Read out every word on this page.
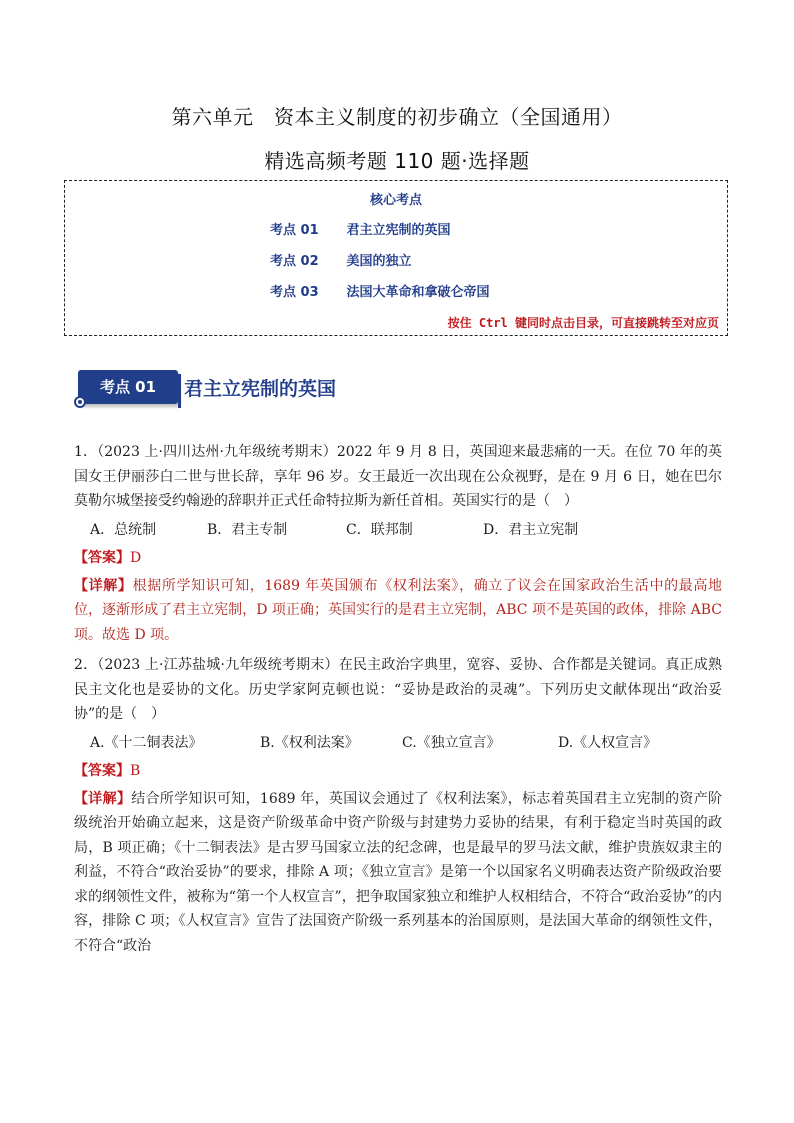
第六单元　资本主义制度的初步确立（全国通用）
精选高频考题 110 题·选择题
核心考点
考点 01 君主立宪制的英国
考点 02 美国的独立
考点 03 法国大革命和拿破仑帝国
按住 Ctrl 键同时点击目录，可直接跳转至对应页
考点 01	君主立宪制的英国

1．（2023 上·四川达州·九年级统考期末）2022 年 9 月 8 日，英国迎来最悲痛的一天。在位 70 年的英国女王伊丽莎白二世与世长辞，享年 96 岁。女王最近一次出现在公众视野，是在 9 月 6 日，她在巴尔莫勒尔城堡接受约翰逊的辞职并正式任命特拉斯为新任首相。英国实行的是（　）

A．总统制	B．君主专制	C．联邦制	D．君主立宪制

【答案】D

【详解】根据所学知识可知，1689 年英国颁布《权利法案》，确立了议会在国家政治生活中的最高地位，逐渐形成了君主立宪制，D 项正确；英国实行的是君主立宪制，ABC 项不是英国的政体，排除 ABC 项。故选 D 项。

2．（2023 上·江苏盐城·九年级统考期末）在民主政治字典里，宽容、妥协、合作都是关键词。真正成熟民主文化也是妥协的文化。历史学家阿克顿也说：“妥协是政治的灵魂”。下列历史文献体现出“政治妥协”的是（　）

A.《十二铜表法》	B.《权利法案》	C.《独立宣言》	D.《人权宣言》

【答案】B

【详解】结合所学知识可知，1689 年，英国议会通过了《权利法案》，标志着英国君主立宪制的资产阶级统治开始确立起来，这是资产阶级革命中资产阶级与封建势力妥协的结果，有利于稳定当时英国的政局，B 项正确；《十二铜表法》是古罗马国家立法的纪念碑，也是最早的罗马法文献，维护贵族奴隶主的利益，不符合“政治妥协”的要求，排除 A 项；《独立宣言》是第一个以国家名义明确表达资产阶级政治要求的纲领性文件，被称为“第一个人权宣言”，把争取国家独立和维护人权相结合，不符合“政治妥协”的内容，排除 C 项；《人权宣言》宣告了法国资产阶级一系列基本的治国原则，是法国大革命的纲领性文件，不符合“政治
